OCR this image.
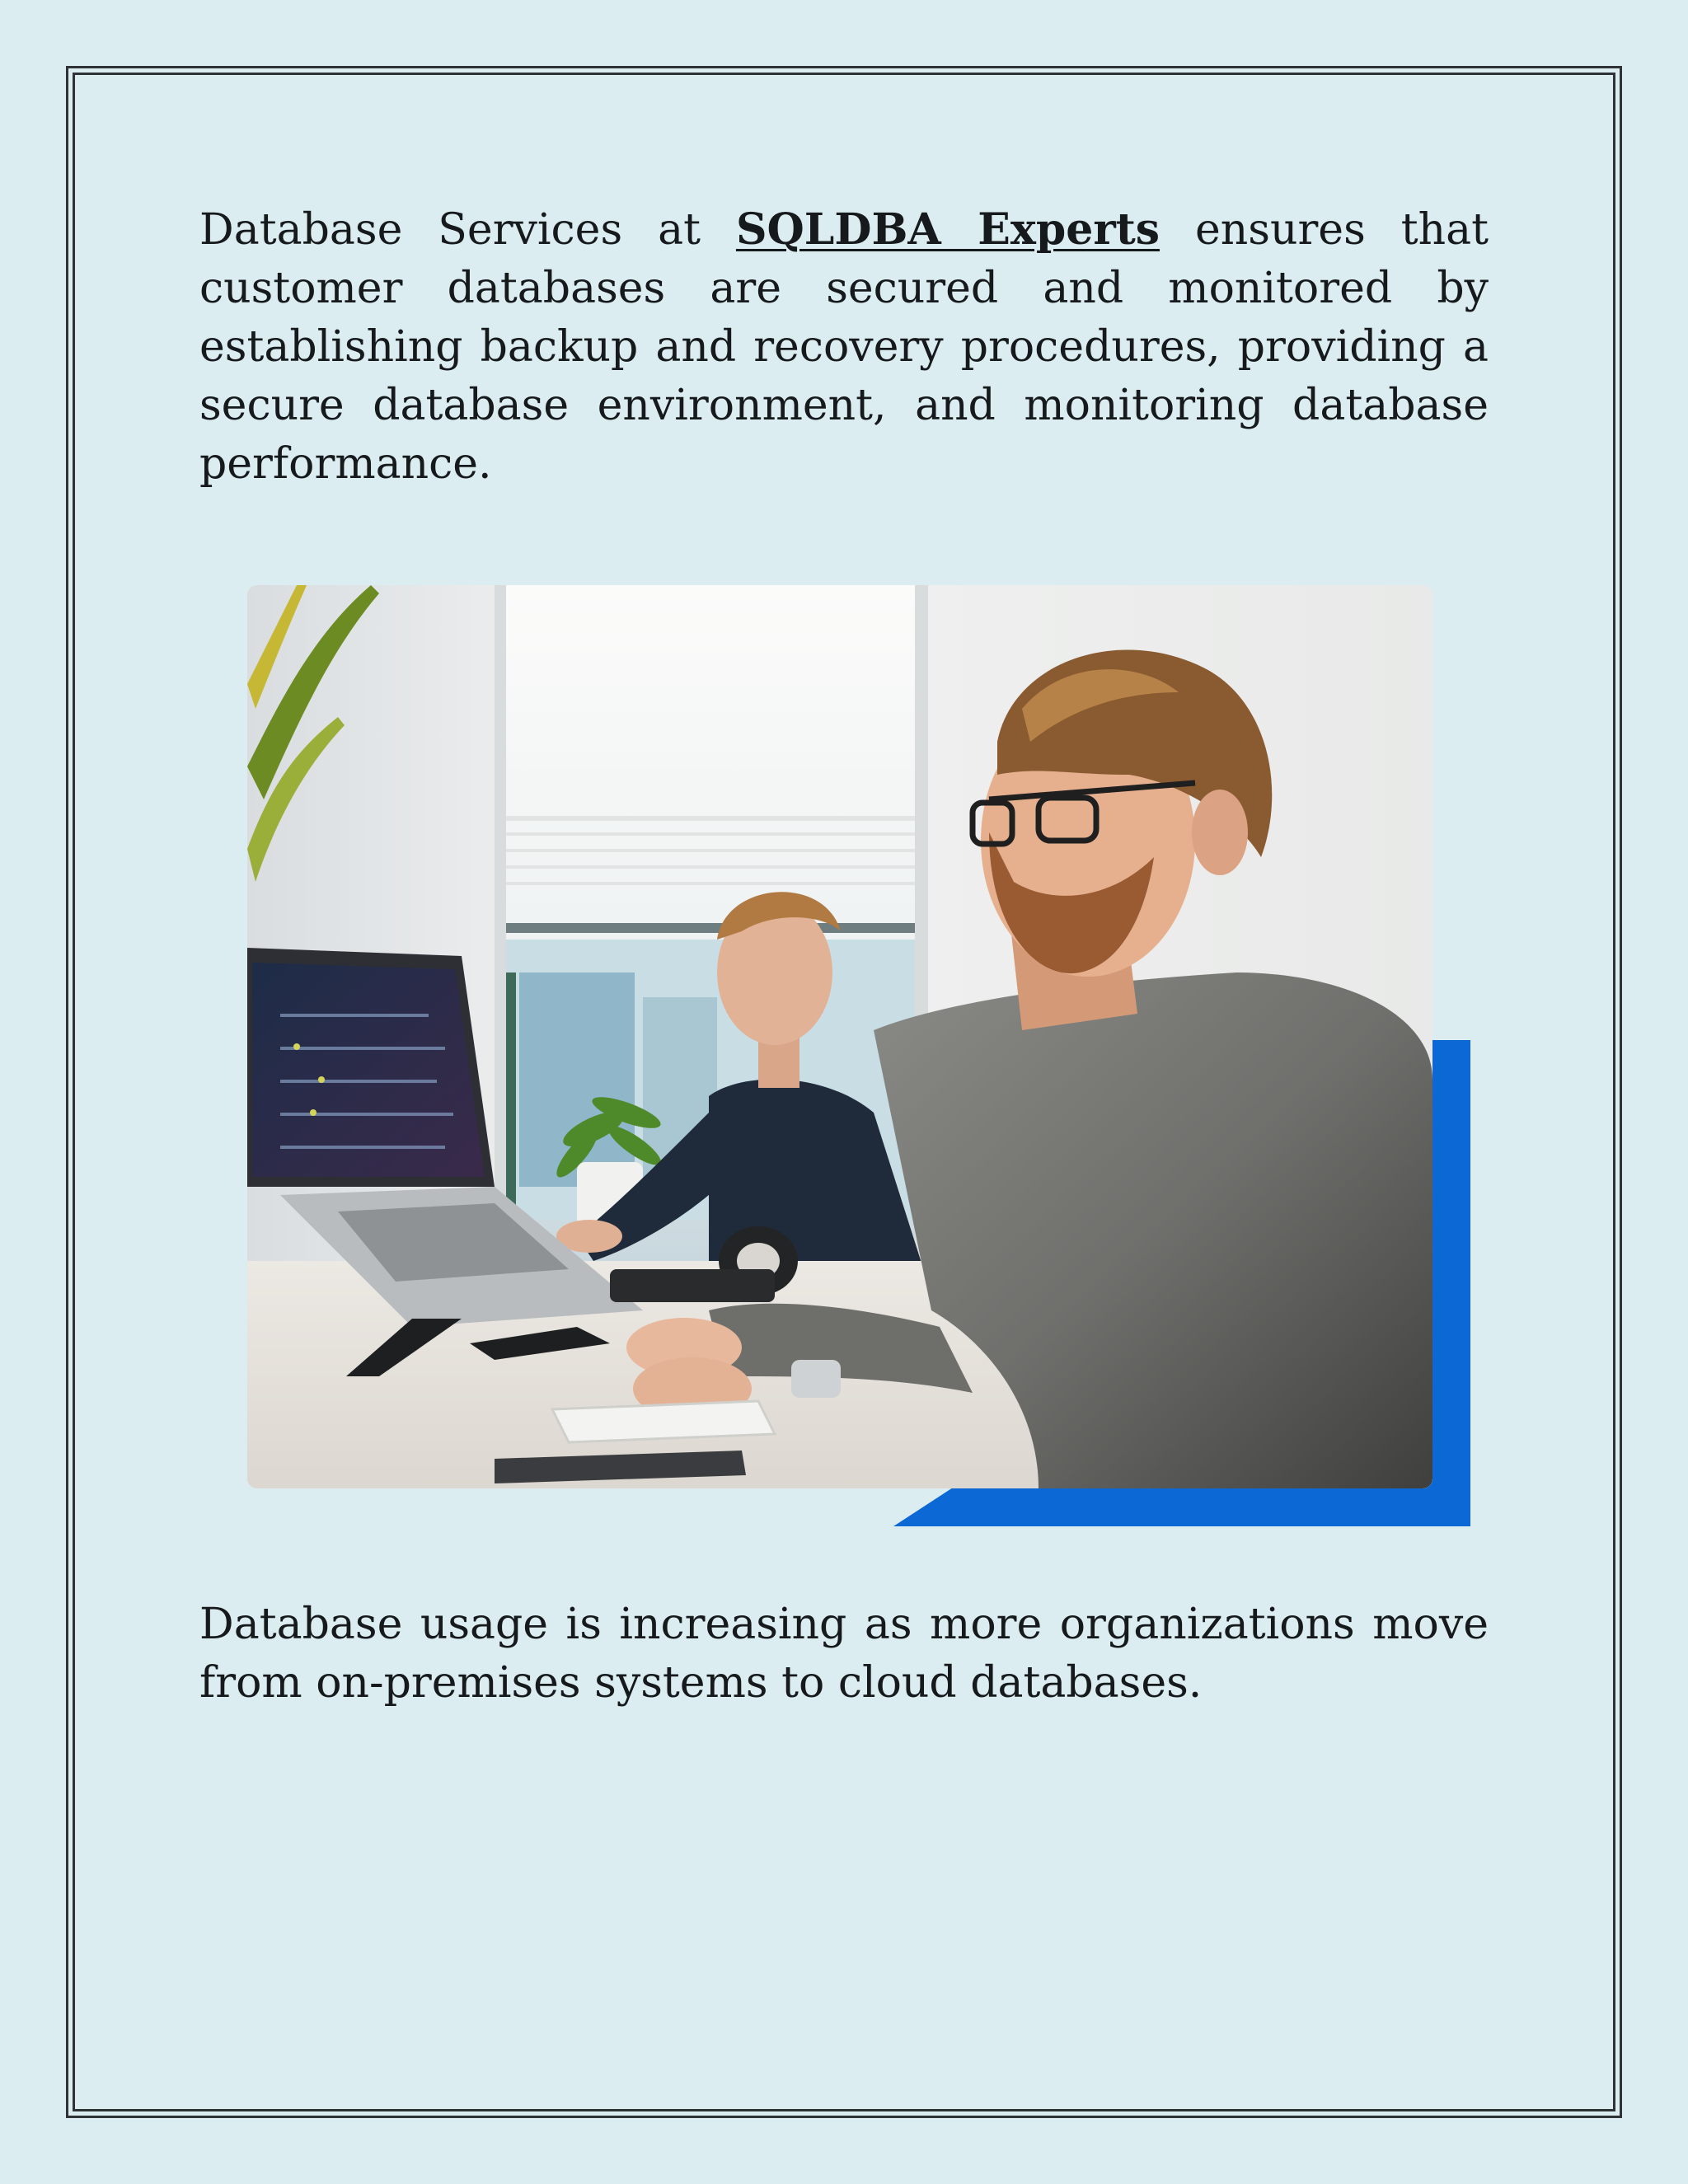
Database Services at SQLDBA Experts ensures that customer databases are secured and monitored by establishing backup and recovery procedures, providing a secure database environment, and monitoring database performance.

Database usage is increasing as more organizations move from on-premises systems to cloud databases.
